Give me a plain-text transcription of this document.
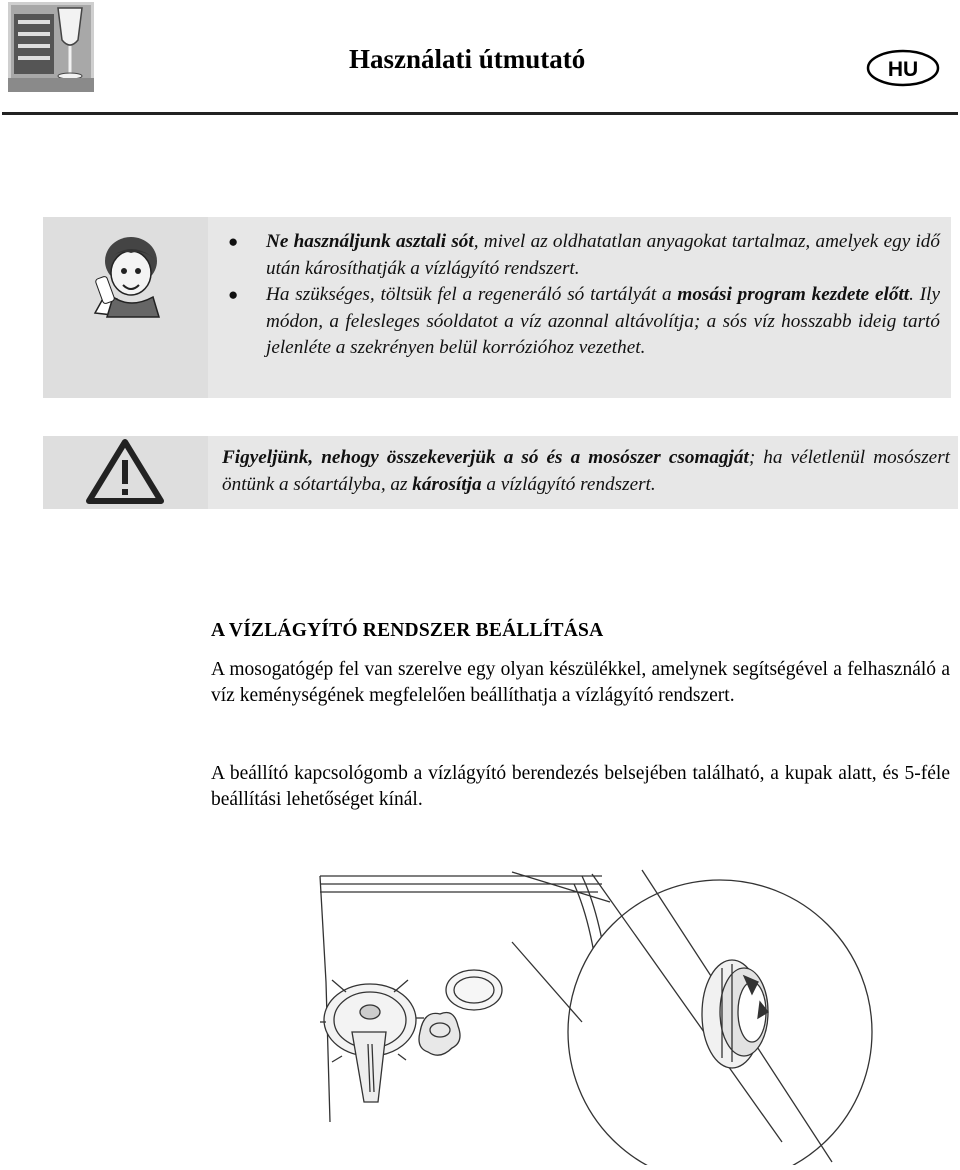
Használati útmutató	HU
● Ne használjunk asztali sót, mivel az oldhatatlan anyagokat tartalmaz, amelyek egy idő után károsíthatják a vízlágyító rendszert.
● Ha szükséges, töltsük fel a regeneráló só tartályát a mosási program kezdete előtt. Ily módon, a felesleges sóoldatot a víz azonnal altávolítja; a sós víz hosszabb ideig tartó jelenléte a szekrényen belül korrózióhoz vezethet.
Figyeljünk, nehogy összekeverjük a só és a mosószer csomagját; ha véletlenül mosószert öntünk a sótartályba, az károsítja a vízlágyító rendszert.
A VÍZLÁGYÍTÓ RENDSZER BEÁLLÍTÁSA
A mosogatógép fel van szerelve egy olyan készülékkel, amelynek segítségével a felhasználó a víz keménységének megfelelően beállíthatja a vízlágyító rendszert.
A beállító kapcsológomb a vízlágyító berendezés belsejében található, a kupak alatt, és 5-féle beállítási lehetőséget kínál.
